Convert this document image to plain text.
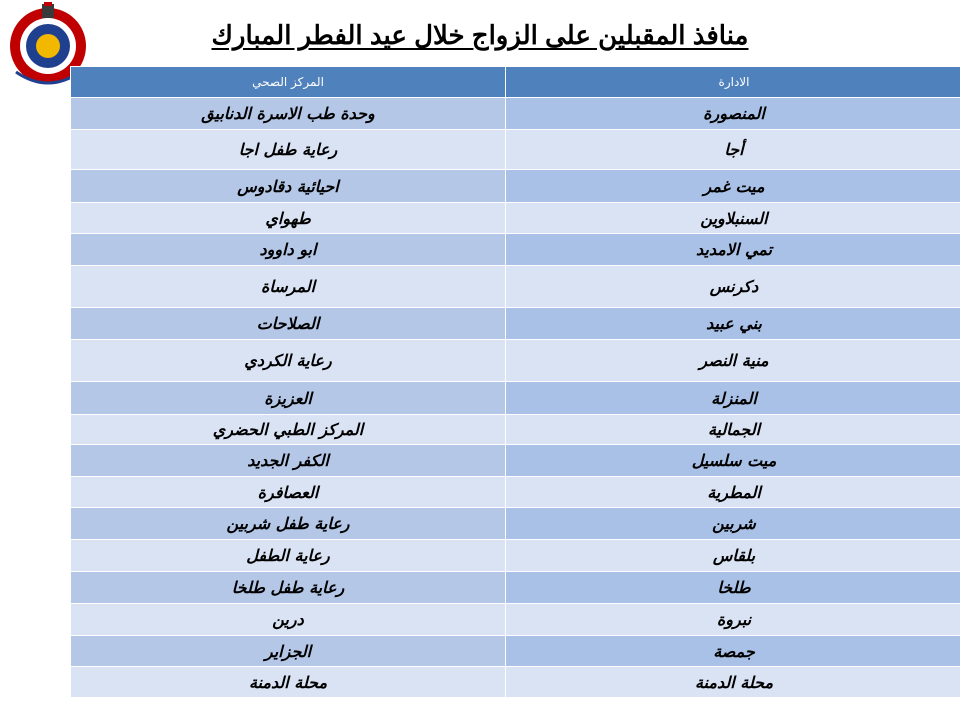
منافذ المقبلين على الزواج خلال عيد الفطر المبارك
المركز الصحي	الادارة
وحدة طب الاسرة الدنابيق	المنصورة
رعاية طفل اجا	أجا
احيائية دقادوس	ميت غمر
طهواي	السنبلاوين
ابو داوود	تمي الامديد
المرساة	دكرنس
الصلاحات	بني عبيد
رعاية الكردي	منية النصر
العزيزة	المنزلة
المركز الطبي الحضري	الجمالية
الكفر الجديد	ميت سلسيل
العصافرة	المطرية
رعاية طفل شربين	شربين
رعاية الطفل	بلقاس
رعاية طفل طلخا	طلخا
درين	نبروة
الجزاير	جمصة
محلة الدمنة	محلة الدمنة
